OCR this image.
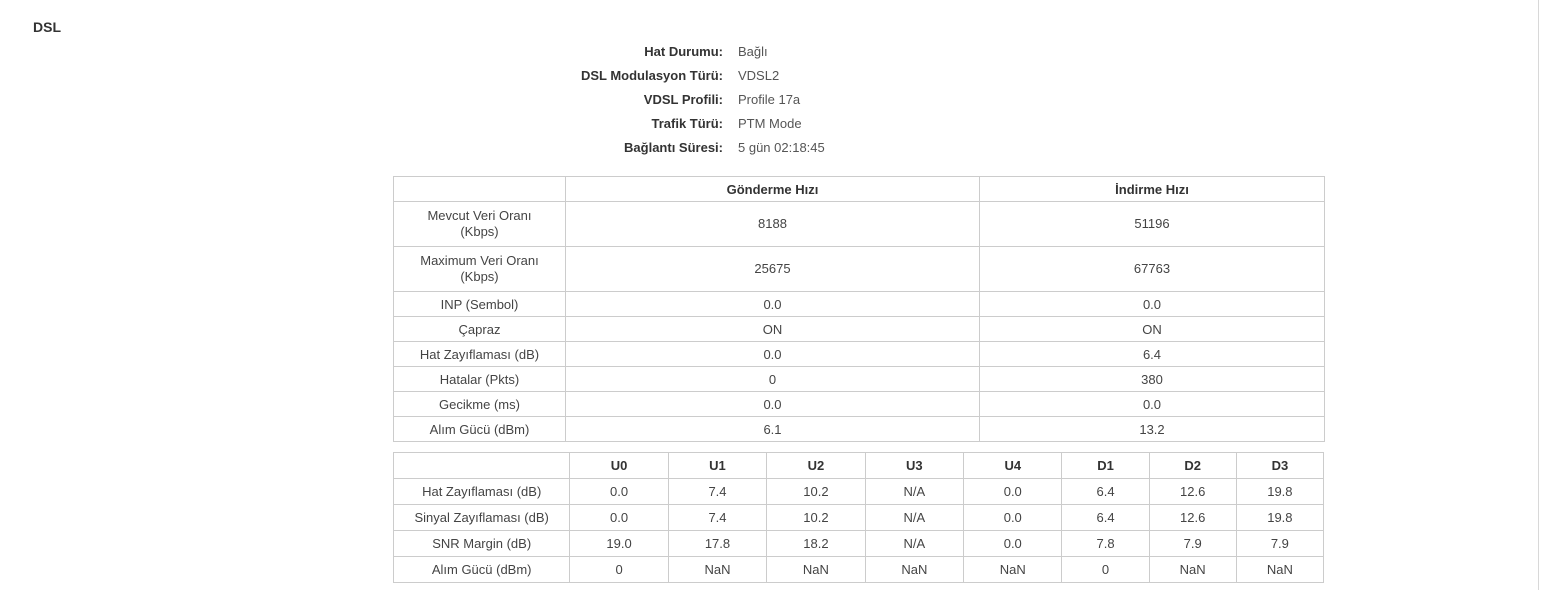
DSL
Hat Durumu:	Bağlı
DSL Modulasyon Türü:	VDSL2
VDSL Profili:	Profile 17a
Trafik Türü:	PTM Mode
Bağlantı Süresi:	5 gün 02:18:45
	Gönderme Hızı	İndirme Hızı

Mevcut Veri Oranı
(Kbps)	8188	51196

Maximum Veri Oranı
(Kbps)	25675	67763
INP (Sembol)	0.0	0.0
Çapraz	ON	ON
Hat Zayıflaması (dB)	0.0	6.4
Hatalar (Pkts)	0	380
Gecikme (ms)	0.0	0.0
Alım Gücü (dBm)	6.1	13.2
	U0	U1	U2	U3	U4	D1	D2	D3
Hat Zayıflaması (dB)	0.0	7.4	10.2	N/A	0.0	6.4	12.6	19.8
Sinyal Zayıflaması (dB)	0.0	7.4	10.2	N/A	0.0	6.4	12.6	19.8
SNR Margin (dB)	19.0	17.8	18.2	N/A	0.0	7.8	7.9	7.9
Alım Gücü (dBm)	0	NaN	NaN	NaN	NaN	0	NaN	NaN
